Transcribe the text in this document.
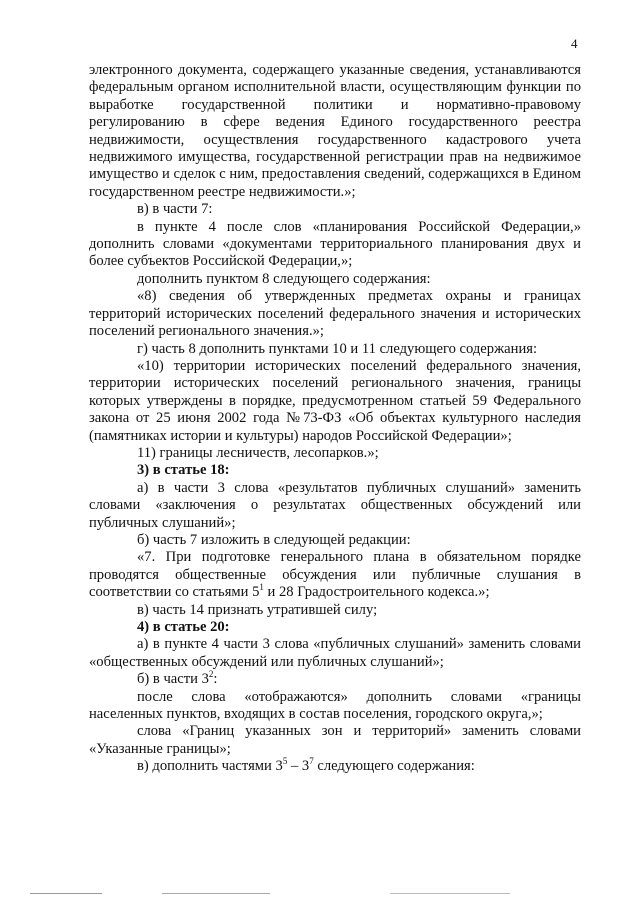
4

электронного документа, содержащего указанные сведения, устанавливаются федеральным органом исполнительной власти, осуществляющим функции по выработке государственной политики и нормативно-правовому регулированию в сфере ведения Единого государственного реестра недвижимости, осуществления государственного кадастрового учета недвижимого имущества, государственной регистрации прав на недвижимое имущество и сделок с ним, предоставления сведений, содержащихся в Едином государственном реестре недвижимости.»;

в) в части 7:

в пункте 4 после слов «планирования Российской Федерации,» дополнить словами «документами территориального планирования двух и более субъектов Российской Федерации,»;

дополнить пунктом 8 следующего содержания:

«8) сведения об утвержденных предметах охраны и границах территорий исторических поселений федерального значения и исторических поселений регионального значения.»;

г) часть 8 дополнить пунктами 10 и 11 следующего содержания:

«10) территории исторических поселений федерального значения, территории исторических поселений регионального значения, границы которых утверждены в порядке, предусмотренном статьей 59 Федерального закона от 25 июня 2002 года №73-ФЗ «Об объектах культурного наследия (памятниках истории и культуры) народов Российской Федерации»;

11) границы лесничеств, лесопарков.»;

3) в статье 18:

а) в части 3 слова «результатов публичных слушаний» заменить словами «заключения о результатах общественных обсуждений или публичных слушаний»;

б) часть 7 изложить в следующей редакции:

«7. При подготовке генерального плана в обязательном порядке проводятся общественные обсуждения или публичные слушания в соответствии со статьями $5^1$ и 28 Градостроительного кодекса.»;

в) часть 14 признать утратившей силу;

4) в статье 20:

а) в пункте 4 части 3 слова «публичных слушаний» заменить словами «общественных обсуждений или публичных слушаний»;

б) в части $3^2$:

после слова «отображаются» дополнить словами «границы населенных пунктов, входящих в состав поселения, городского округа,»;

слова «Границ указанных зон и территорий» заменить словами «Указанные границы»;

в) дополнить частями $3^5 - 3^7$ следующего содержания:
